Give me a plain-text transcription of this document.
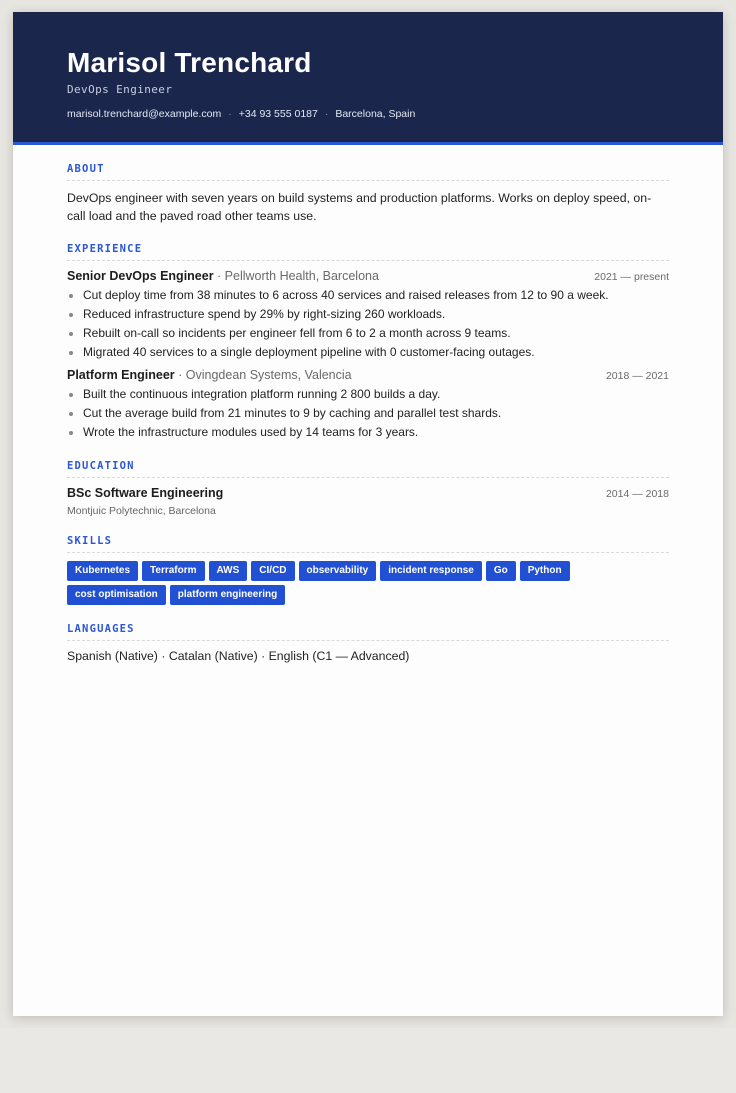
Marisol Trenchard
DevOps Engineer
marisol.trenchard@example.com · +34 93 555 0187 · Barcelona, Spain
ABOUT
DevOps engineer with seven years on build systems and production platforms. Works on deploy speed, on-call load and the paved road other teams use.
EXPERIENCE
Senior DevOps Engineer · Pellworth Health, Barcelona	2021 — present
• Cut deploy time from 38 minutes to 6 across 40 services and raised releases from 12 to 90 a week.
• Reduced infrastructure spend by 29% by right-sizing 260 workloads.
• Rebuilt on-call so incidents per engineer fell from 6 to 2 a month across 9 teams.
• Migrated 40 services to a single deployment pipeline with 0 customer-facing outages.
Platform Engineer · Ovingdean Systems, Valencia	2018 — 2021
• Built the continuous integration platform running 2 800 builds a day.
• Cut the average build from 21 minutes to 9 by caching and parallel test shards.
• Wrote the infrastructure modules used by 14 teams for 3 years.
EDUCATION
BSc Software Engineering	2014 — 2018
Montjuic Polytechnic, Barcelona
SKILLS
Kubernetes	Terraform	AWS	CI/CD	observability	incident response	Go	Python
cost optimisation	platform engineering
LANGUAGES
Spanish (Native) · Catalan (Native) · English (C1 — Advanced)
